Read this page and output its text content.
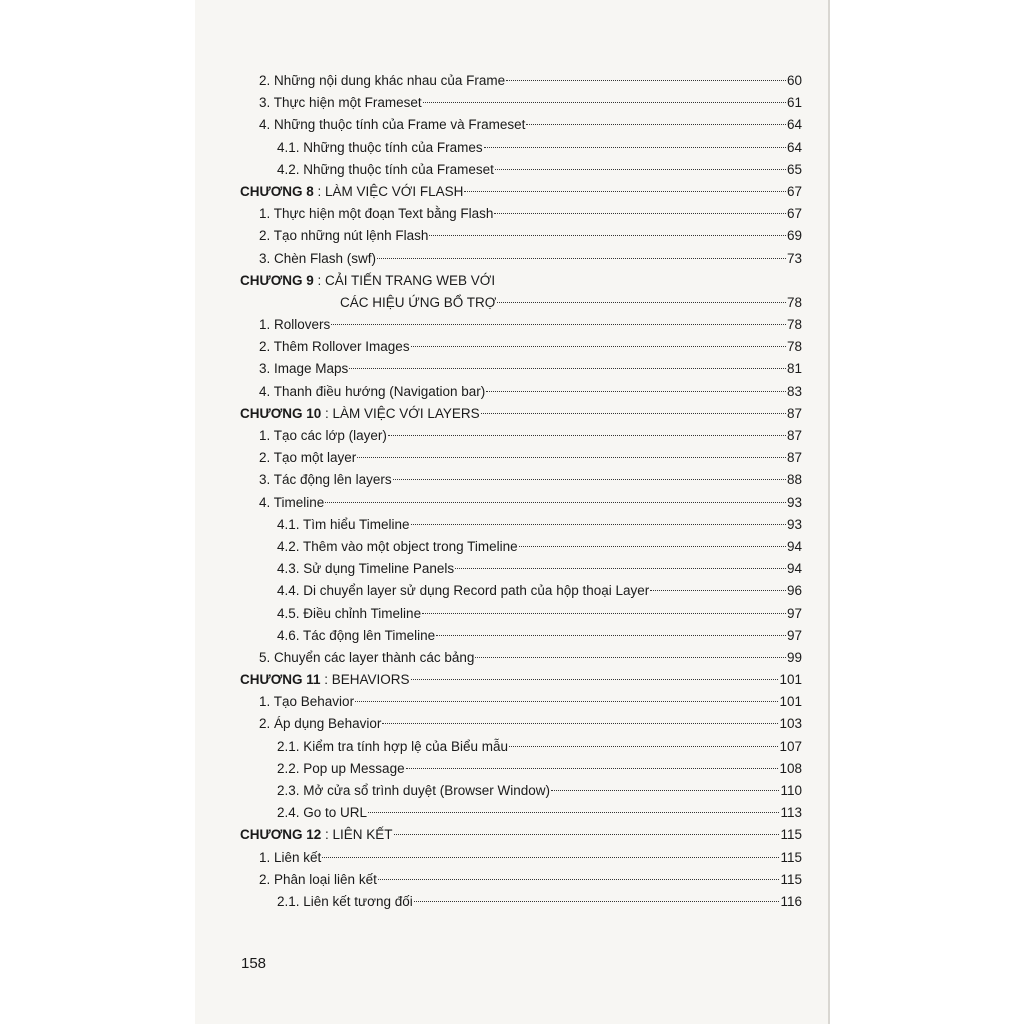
2. Những nội dung khác nhau của Frame	60
3. Thực hiện một Frameset	61
4. Những thuộc tính của Frame và Frameset	64
4.1. Những thuộc tính của Frames	64
4.2. Những thuộc tính của Frameset	65
CHƯƠNG 8 : LÀM VIỆC VỚI FLASH	67
1. Thực hiện một đoạn Text bằng Flash	67
2. Tạo những nút lệnh Flash	69
3. Chèn Flash (swf)	73
CHƯƠNG 9 : CẢI TIẾN TRANG WEB VỚI
CÁC HIỆU ỨNG BỔ TRỢ	78
1. Rollovers	78
2. Thêm Rollover Images	78
3. Image Maps	81
4. Thanh điều hướng (Navigation bar)	83
CHƯƠNG 10 : LÀM VIỆC VỚI LAYERS	87
1. Tạo các lớp (layer)	87
2. Tạo một layer	87
3. Tác động lên layers	88
4. Timeline	93
4.1. Tìm hiểu Timeline	93
4.2. Thêm vào một object trong Timeline	94
4.3. Sử dụng Timeline Panels	94
4.4. Di chuyển layer sử dụng Record path của hộp thoại Layer	96
4.5. Điều chỉnh Timeline	97
4.6. Tác động lên Timeline	97
5. Chuyển các layer thành các bảng	99
CHƯƠNG 11 : BEHAVIORS	101
1. Tạo Behavior	101
2. Áp dụng Behavior	103
2.1. Kiểm tra tính hợp lệ của Biểu mẫu	107
2.2. Pop up Message	108
2.3. Mở cửa sổ trình duyệt (Browser Window)	110
2.4. Go to URL	113
CHƯƠNG 12 : LIÊN KẾT	115
1. Liên kết	115
2. Phân loại liên kết	115
2.1. Liên kết tương đối	116
158
